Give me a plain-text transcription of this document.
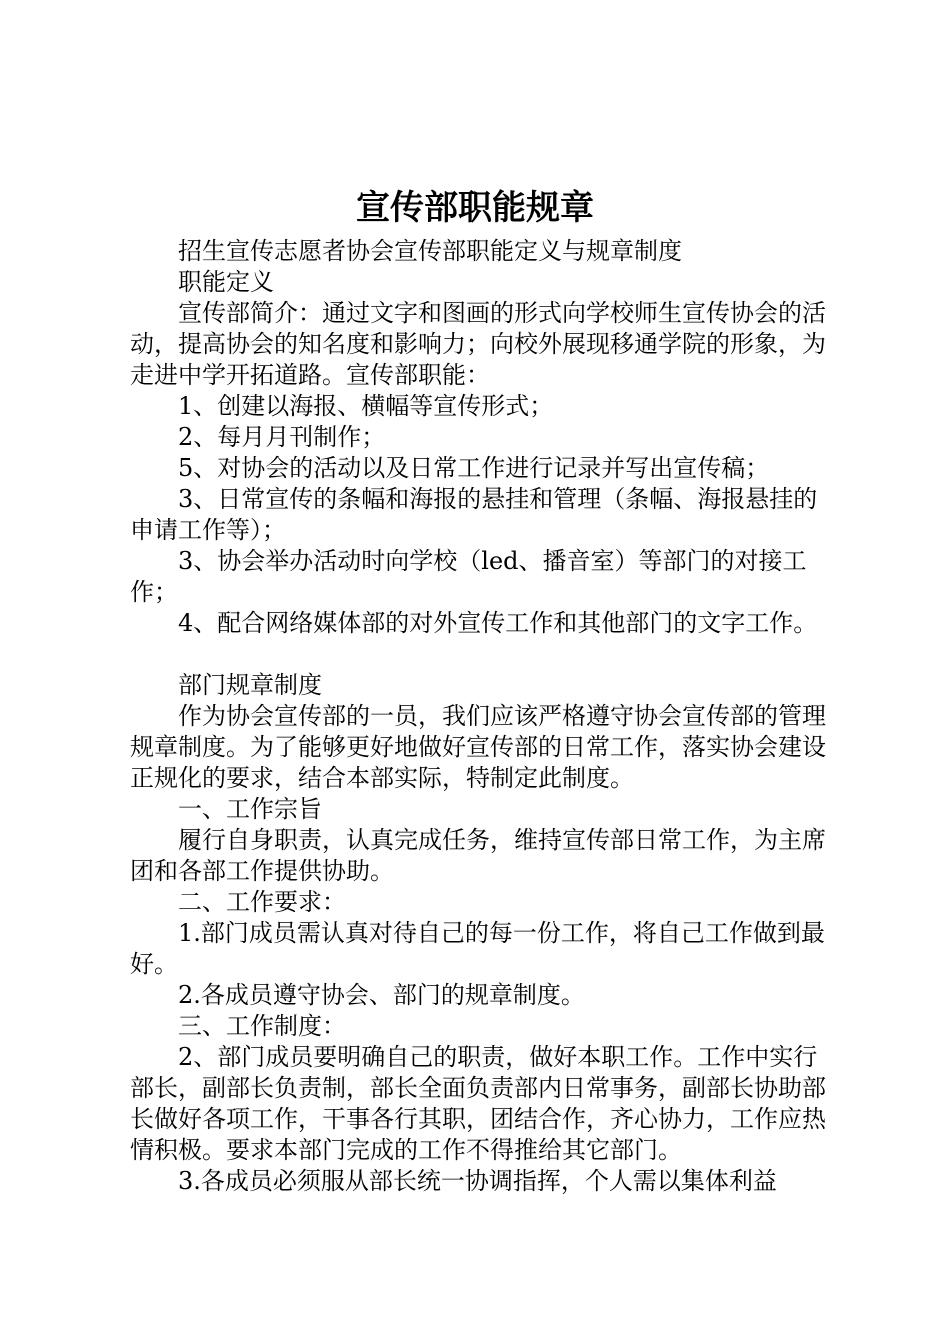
宣传部职能规章

招生宣传志愿者协会宣传部职能定义与规章制度

职能定义

宣传部简介：通过文字和图画的形式向学校师生宣传协会的活动，提高协会的知名度和影响力；向校外展现移通学院的形象，为走进中学开拓道路。宣传部职能：

1、创建以海报、横幅等宣传形式；

2、每月月刊制作；

5、对协会的活动以及日常工作进行记录并写出宣传稿；

3、日常宣传的条幅和海报的悬挂和管理（条幅、海报悬挂的申请工作等）；

3、协会举办活动时向学校（led、播音室）等部门的对接工作；

4、配合网络媒体部的对外宣传工作和其他部门的文字工作。

部门规章制度

作为协会宣传部的一员，我们应该严格遵守协会宣传部的管理规章制度。为了能够更好地做好宣传部的日常工作，落实协会建设正规化的要求，结合本部实际，特制定此制度。

一、工作宗旨

履行自身职责，认真完成任务，维持宣传部日常工作，为主席团和各部工作提供协助。

二、工作要求：

1.部门成员需认真对待自己的每一份工作，将自己工作做到最好。

2.各成员遵守协会、部门的规章制度。

三、工作制度：

2、部门成员要明确自己的职责，做好本职工作。工作中实行部长，副部长负责制，部长全面负责部内日常事务，副部长协助部长做好各项工作，干事各行其职，团结合作，齐心协力，工作应热情积极。要求本部门完成的工作不得推给其它部门。

3.各成员必须服从部长统一协调指挥，个人需以集体利益
